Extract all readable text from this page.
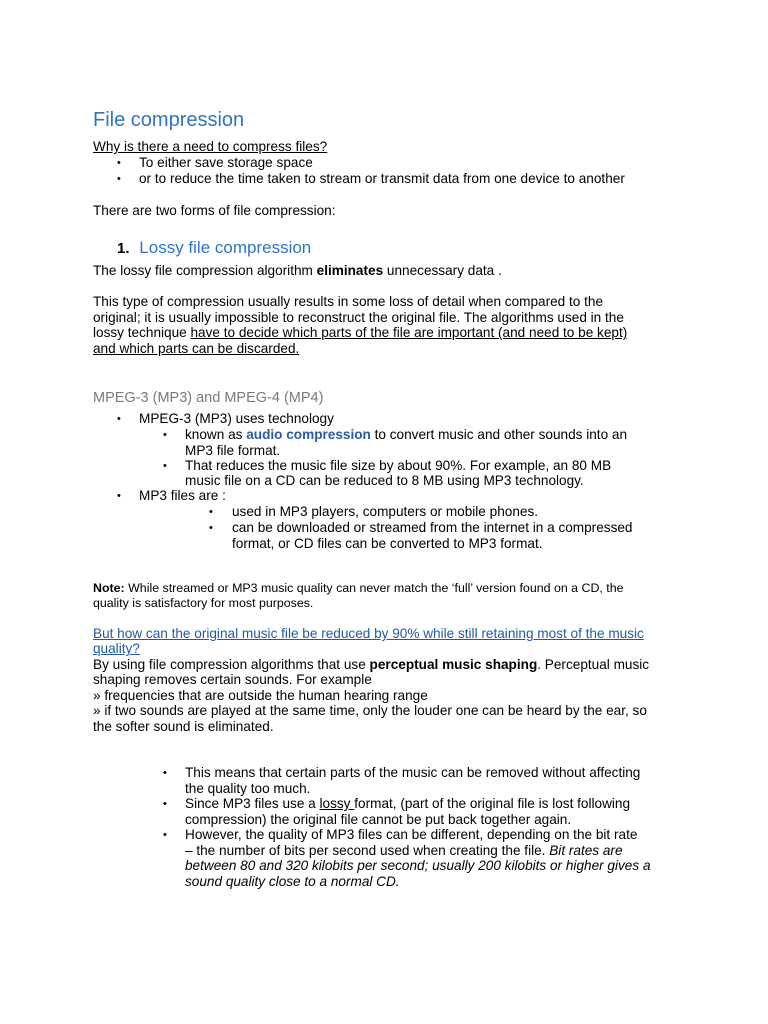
File compression
Why is there a need to compress files?
• To either save storage space
• or to reduce the time taken to stream or transmit data from one device to another
There are two forms of file compression:
1. Lossy file compression
The lossy file compression algorithm eliminates unnecessary data .
This type of compression usually results in some loss of detail when compared to the
original; it is usually impossible to reconstruct the original file. The algorithms used in the
lossy technique have to decide which parts of the file are important (and need to be kept)
and which parts can be discarded.
MPEG-3 (MP3) and MPEG-4 (MP4)
• MPEG-3 (MP3) uses technology
• known as audio compression to convert music and other sounds into an
MP3 file format.
• That reduces the music file size by about 90%. For example, an 80 MB
music file on a CD can be reduced to 8 MB using MP3 technology.
• MP3 files are :
• used in MP3 players, computers or mobile phones.
• can be downloaded or streamed from the internet in a compressed
format, or CD files can be converted to MP3 format.
Note: While streamed or MP3 music quality can never match the ‘full’ version found on a CD, the
quality is satisfactory for most purposes.
But how can the original music file be reduced by 90% while still retaining most of the music
quality?
By using file compression algorithms that use perceptual music shaping. Perceptual music
shaping removes certain sounds. For example
» frequencies that are outside the human hearing range
» if two sounds are played at the same time, only the louder one can be heard by the ear, so
the softer sound is eliminated.
• This means that certain parts of the music can be removed without affecting
the quality too much.
• Since MP3 files use a lossy format, (part of the original file is lost following
compression) the original file cannot be put back together again.
• However, the quality of MP3 files can be different, depending on the bit rate
– the number of bits per second used when creating the file. Bit rates are
between 80 and 320 kilobits per second; usually 200 kilobits or higher gives a
sound quality close to a normal CD.
